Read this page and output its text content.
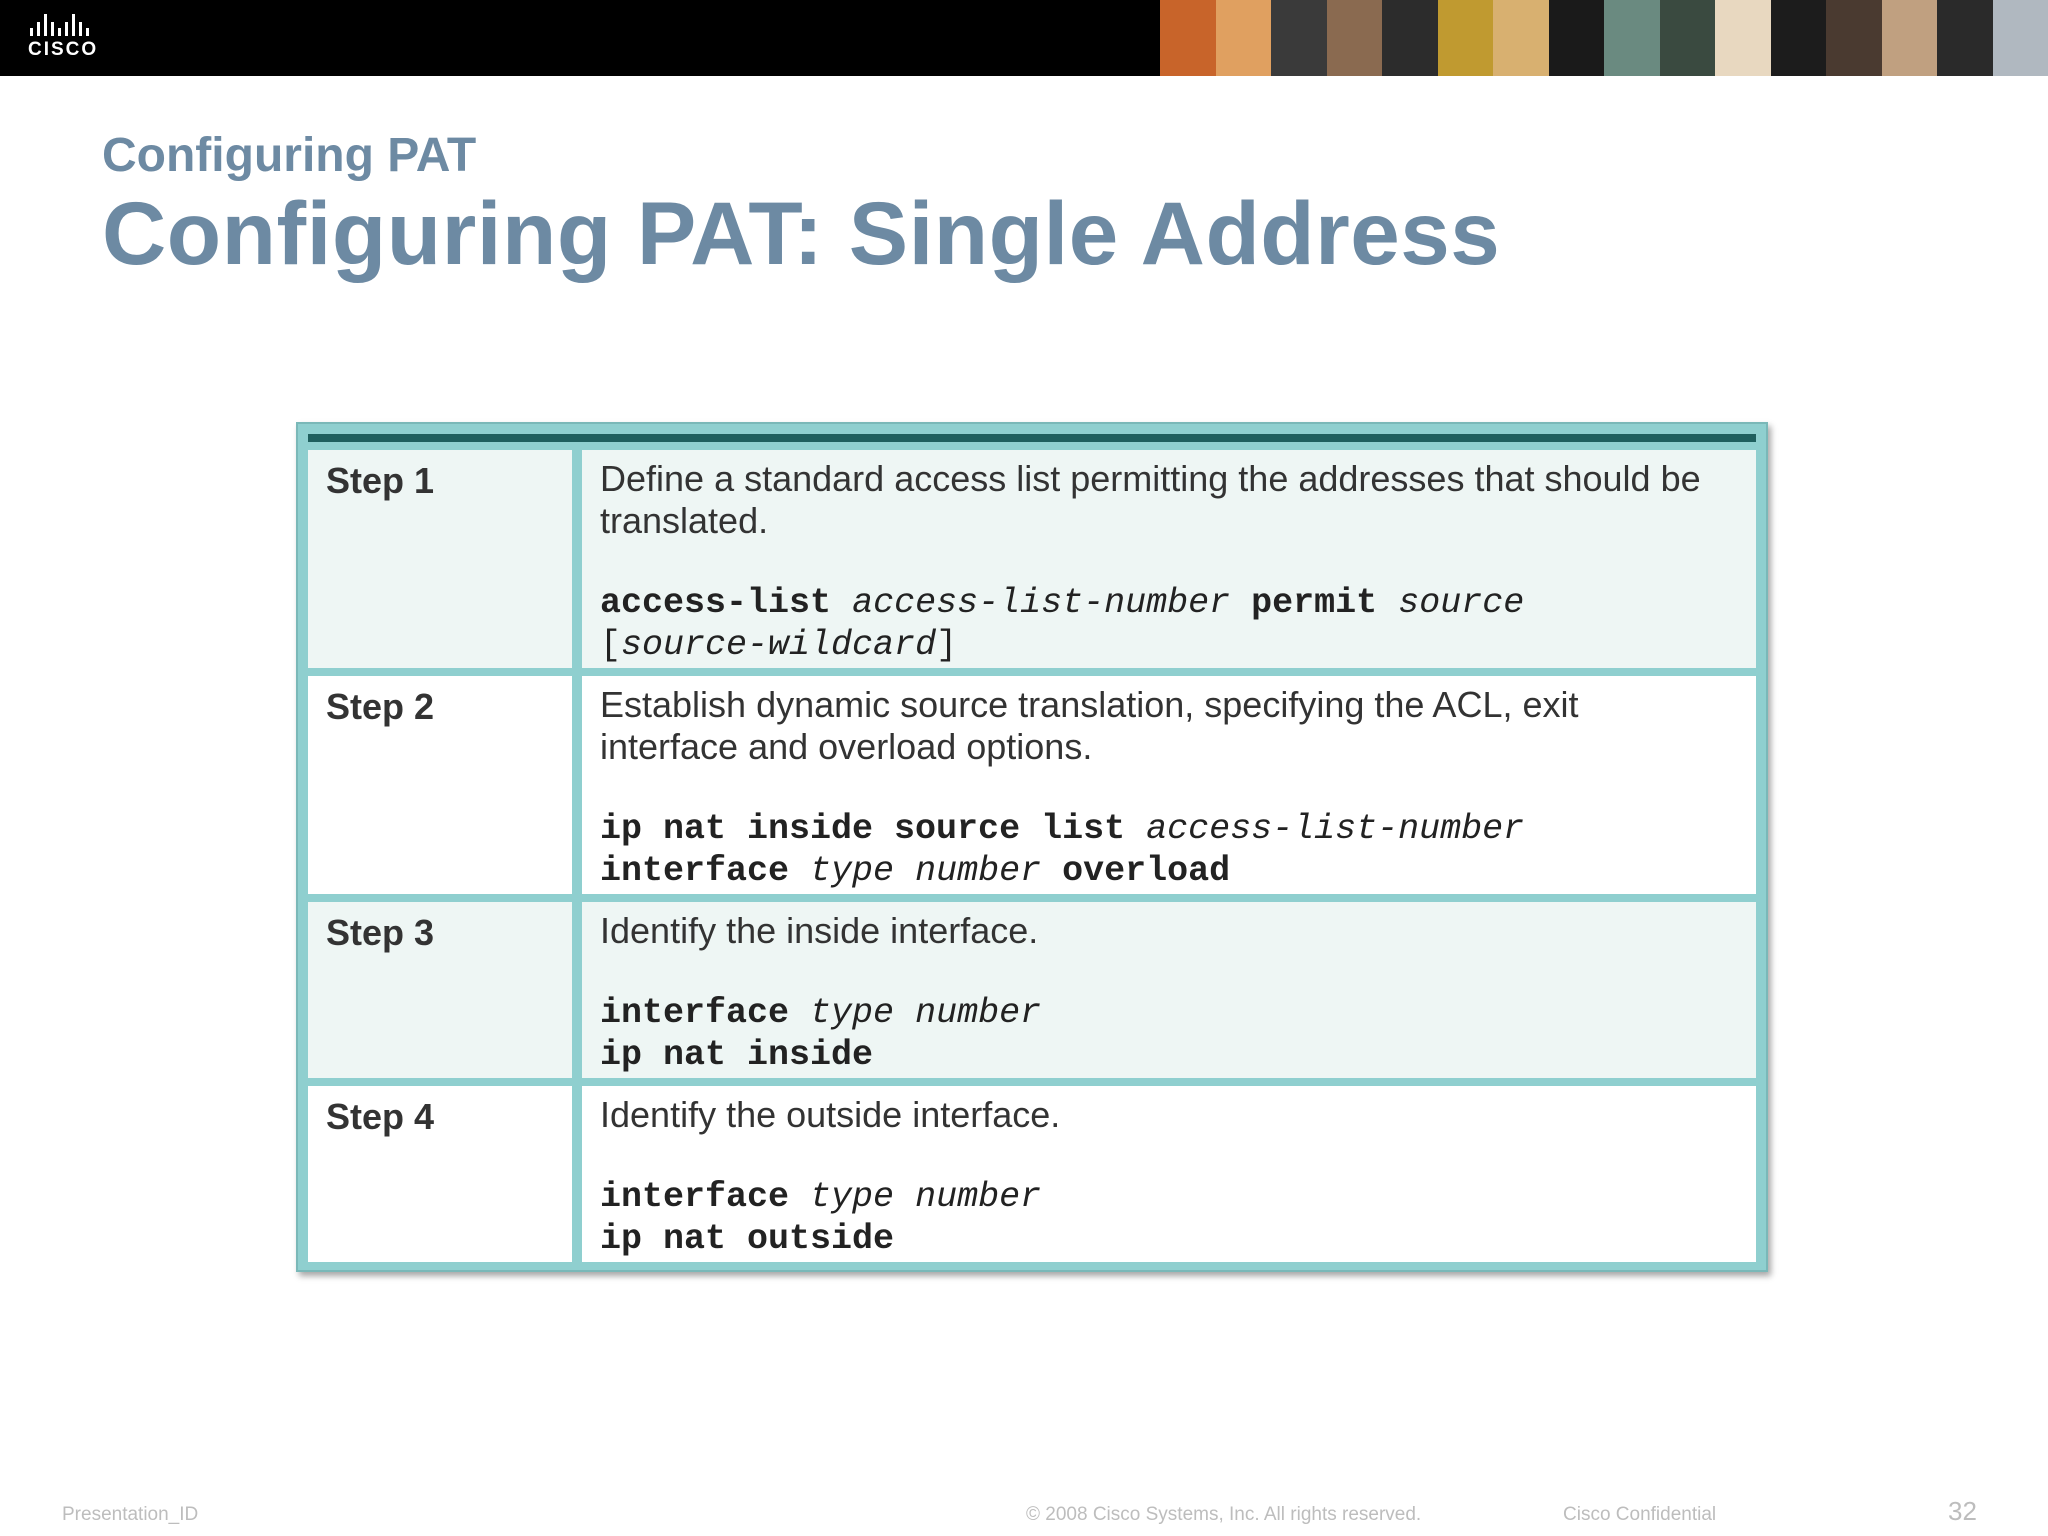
CISCO
Configuring PAT
Configuring PAT: Single Address
Step 1	Define a standard access list permitting the addresses that should be
translated.
access-list access-list-number permit source
[source-wildcard]
Step 2	Establish dynamic source translation, specifying the ACL, exit
interface and overload options.
ip nat inside source list access-list-number
interface type number overload
Step 3	Identify the inside interface.
interface type number
ip nat inside
Step 4	Identify the outside interface.
interface type number
ip nat outside
Presentation_ID	© 2008 Cisco Systems, Inc. All rights reserved.	Cisco Confidential	32
